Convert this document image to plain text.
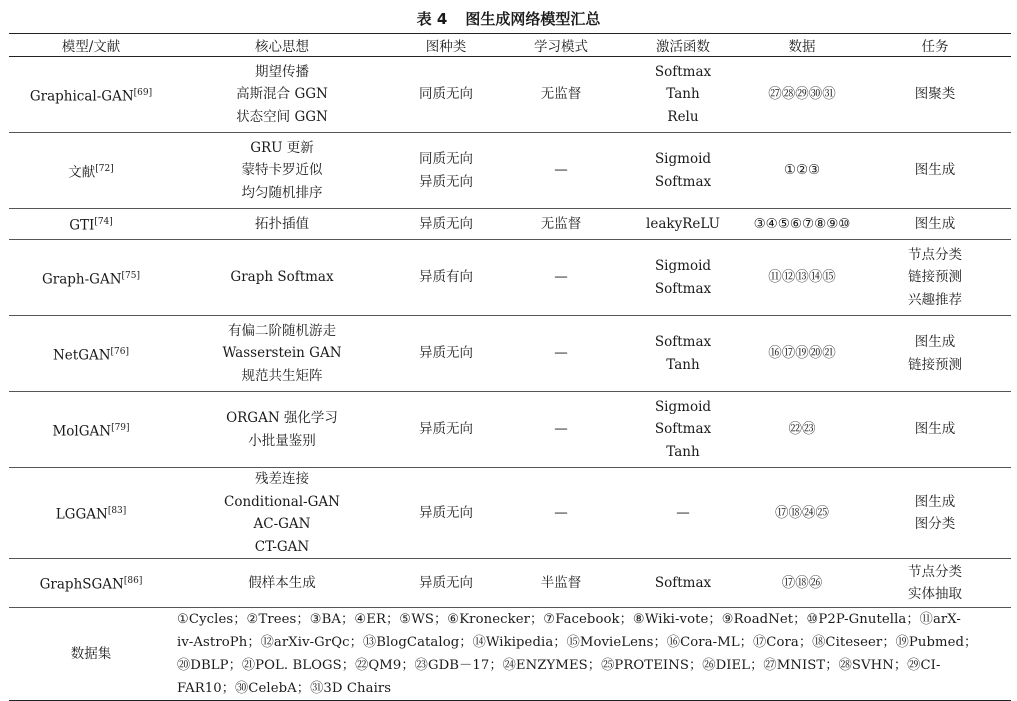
表 4 图生成网络模型汇总
模型/文献	核心思想	图种类	学习模式	激活函数	数据	任务
Graphical-GAN[69]	期望传播
高斯混合 GGN
状态空间 GGN	同质无向	无监督	Softmax
Tanh
Relu	㉗㉘㉙㉚㉛	图聚类

文献[72]	GRU 更新
蒙特卡罗近似
均匀随机排序	同质无向
异质无向	—	Sigmoid
Softmax	①②③	图生成

GTI[74]	拓扑插值	异质无向	无监督	leakyReLU	③④⑤⑥⑦⑧⑨⑩	图生成

Graph-GAN[75]	Graph Softmax	异质有向	—	Sigmoid
Softmax	⑪⑫⑬⑭⑮	节点分类
链接预测
兴趣推荐

NetGAN[76]	有偏二阶随机游走
Wasserstein GAN
规范共生矩阵	异质无向	—	Softmax
Tanh	⑯⑰⑲⑳㉑	图生成
链接预测

MolGAN[79]	ORGAN 强化学习
小批量鉴别	异质无向	—	Sigmoid
Softmax
Tanh	㉒㉓	图生成

LGGAN[83]	残差连接
Conditional-GAN
AC-GAN
CT-GAN	异质无向	—	—	⑰⑱㉔㉕	图生成
图分类

GraphSGAN[86]	假样本生成	异质无向	半监督	Softmax	⑰⑱㉖	节点分类
实体抽取

数据集	①Cycles；②Trees；③BA；④ER；⑤WS；⑥Kronecker；⑦Facebook；⑧Wiki-vote；⑨RoadNet；⑩P2P-Gnutella；⑪arX-
iv-AstroPh；⑫arXiv-GrQc；⑬BlogCatalog；⑭Wikipedia；⑮MovieLens；⑯Cora-ML；⑰Cora；⑱Citeseer；⑲Pubmed；
⑳DBLP；㉑POL. BLOGS；㉒QM9；㉓GDB－17；㉔ENZYMES；㉕PROTEINS；㉖DIEL；㉗MNIST；㉘SVHN；㉙CI-
FAR10；㉚CelebA；㉛3D Chairs					
